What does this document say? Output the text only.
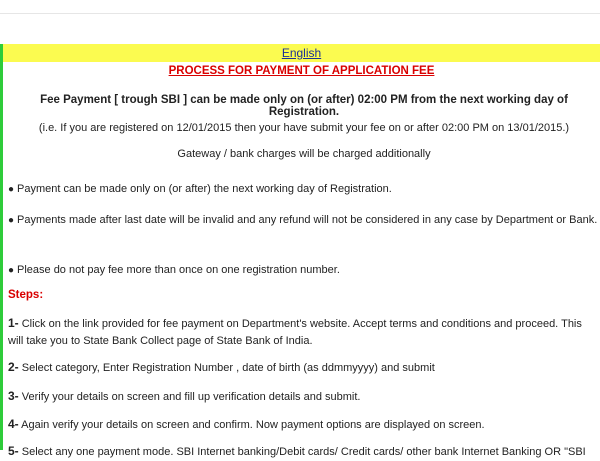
English
PROCESS FOR PAYMENT OF APPLICATION FEE
Fee Payment [ trough SBI ] can be made only on (or after) 02:00 PM from the next working day of Registration.
(i.e. If you are registered on 12/01/2015 then your have submit your fee on or after 02:00 PM on 13/01/2015.)
Gateway / bank charges will be charged additionally
● Payment can be made only on (or after) the next working day of Registration.
● Payments made after last date will be invalid and any refund will not be considered in any case by Department or Bank.
● Please do not pay fee more than once on one registration number.
Steps:
1- Click on the link provided for fee payment on Department's website. Accept terms and conditions and proceed. This will take you to State Bank Collect page of State Bank of India.
2- Select category, Enter Registration Number , date of birth (as ddmmyyyy) and submit
3- Verify your details on screen and fill up verification details and submit.
4- Again verify your details on screen and confirm. Now payment options are displayed on screen.
5- Select any one payment mode. SBI Internet banking/Debit cards/ Credit cards/ other bank Internet Banking OR "SBI
